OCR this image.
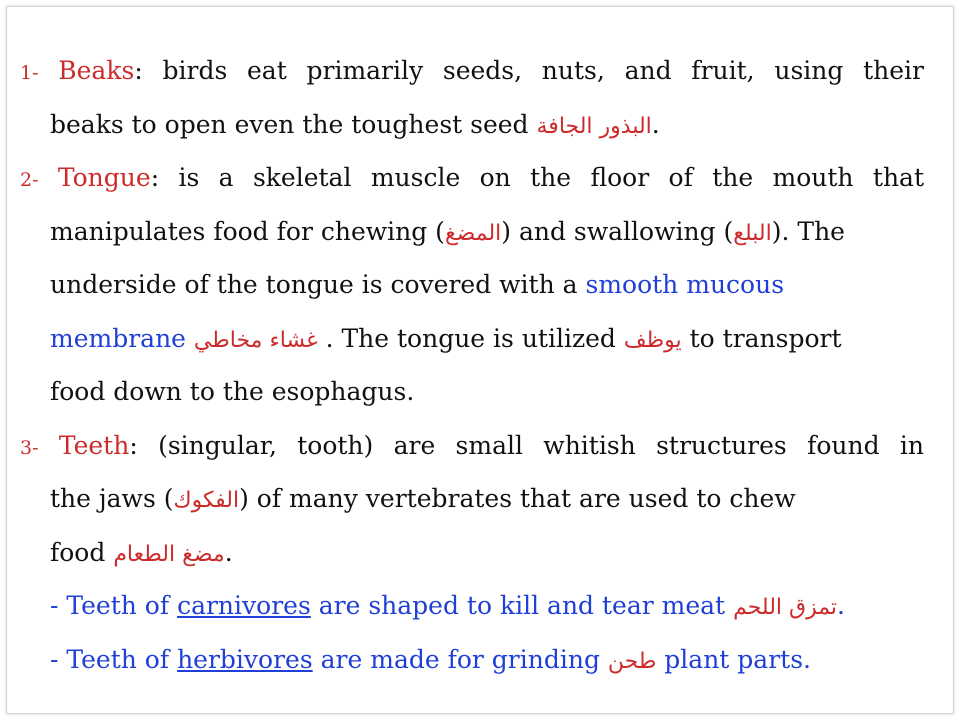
1- Beaks: birds eat primarily seeds, nuts, and fruit, using their
beaks to open even the toughest seed البذور الجافة.
2- Tongue: is a skeletal muscle on the floor of the mouth that
manipulates food for chewing (المضغ) and swallowing (البلع). The
underside of the tongue is covered with a smooth mucous
membrane غشاء مخاطي . The tongue is utilized يوظف to transport
food down to the esophagus.
3- Teeth: (singular, tooth) are small whitish structures found in
the jaws (الفكوك) of many vertebrates that are used to chew
food مضغ الطعام.
- Teeth of carnivores are shaped to kill and tear meat تمزق اللحم.
- Teeth of herbivores are made for grinding طحن plant parts.
